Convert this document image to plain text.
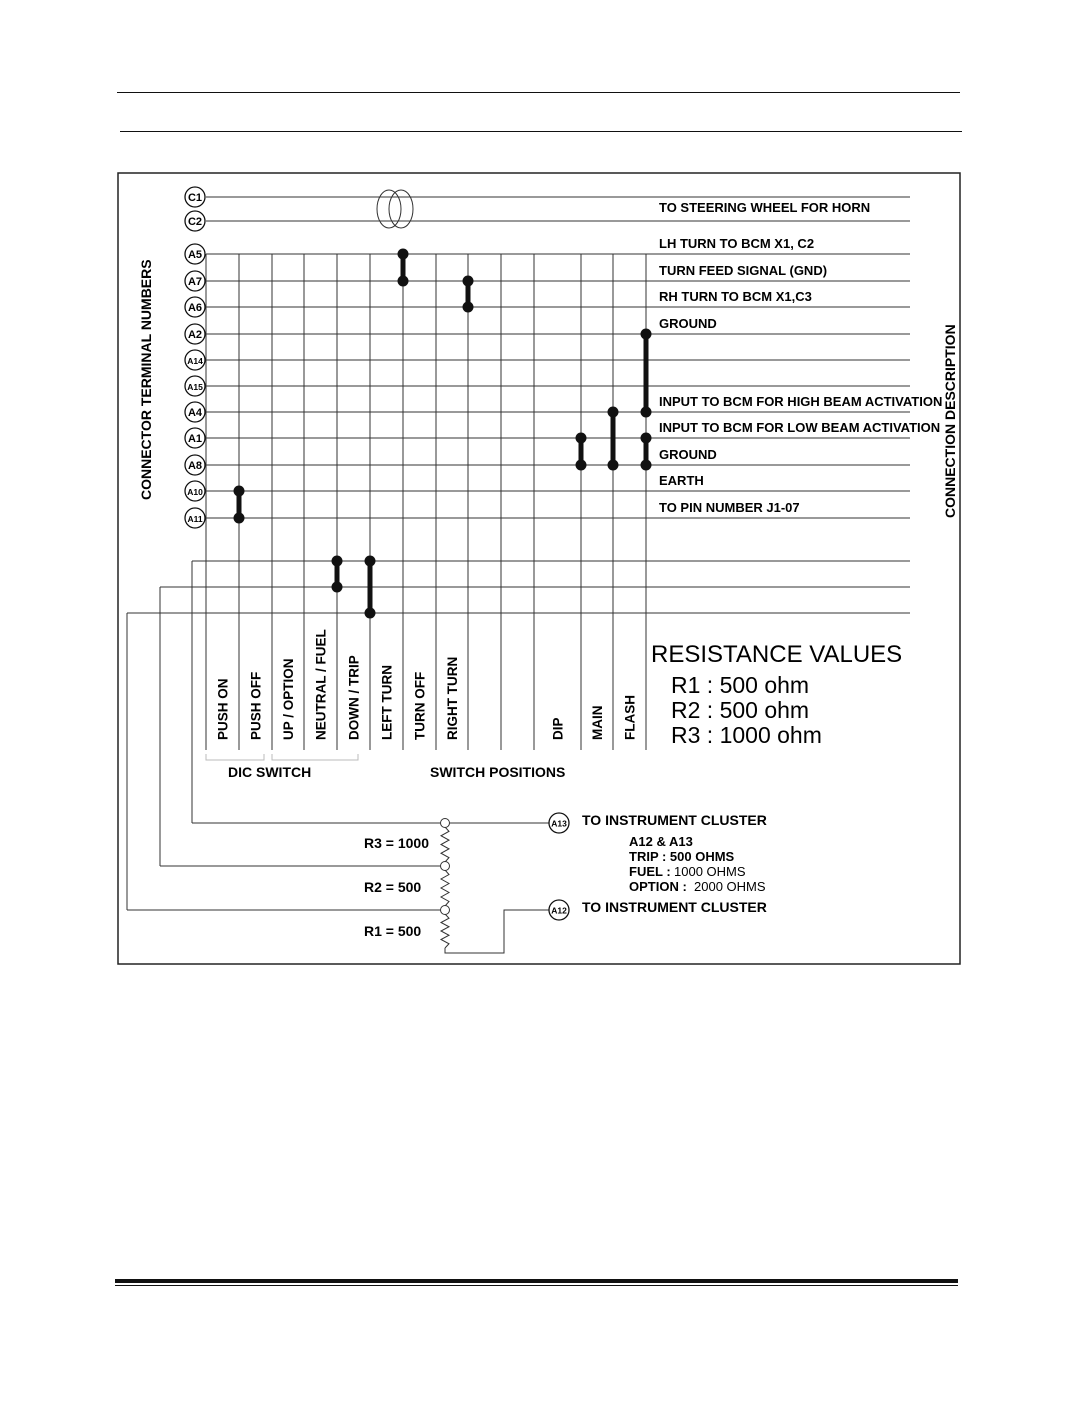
C1
C2
A5
A7
A6
A2
A14
A15
A4
A1
A8
A10
A11
A13
A12
TO STEERING WHEEL FOR HORN
LH TURN TO BCM X1, C2
TURN FEED SIGNAL (GND)
RH TURN TO BCM X1,C3
GROUND
INPUT TO BCM FOR HIGH BEAM ACTIVATION
INPUT TO BCM FOR LOW BEAM ACTIVATION
GROUND
EARTH
TO PIN NUMBER J1-07
PUSH ON PUSH OFF UP / OPTION NEUTRAL / FUEL DOWN / TRIP LEFT TURN TURN OFF RIGHT TURN	DIP MAIN FLASH
DIC SWITCH	SWITCH POSITIONS
CONNECTOR TERMINAL NUMBERS	CONNECTION DESCRIPTION
RESISTANCE VALUES
R1 : 500 ohm
R2 : 500 ohm
R3 : 1000 ohm
R3 = 1000
R2 = 500
R1 = 500
TO INSTRUMENT CLUSTER
TO INSTRUMENT CLUSTER
A12 & A13
TRIP : 500 OHMS
FUEL : 1000 OHMS
OPTION : 2000 OHMS
